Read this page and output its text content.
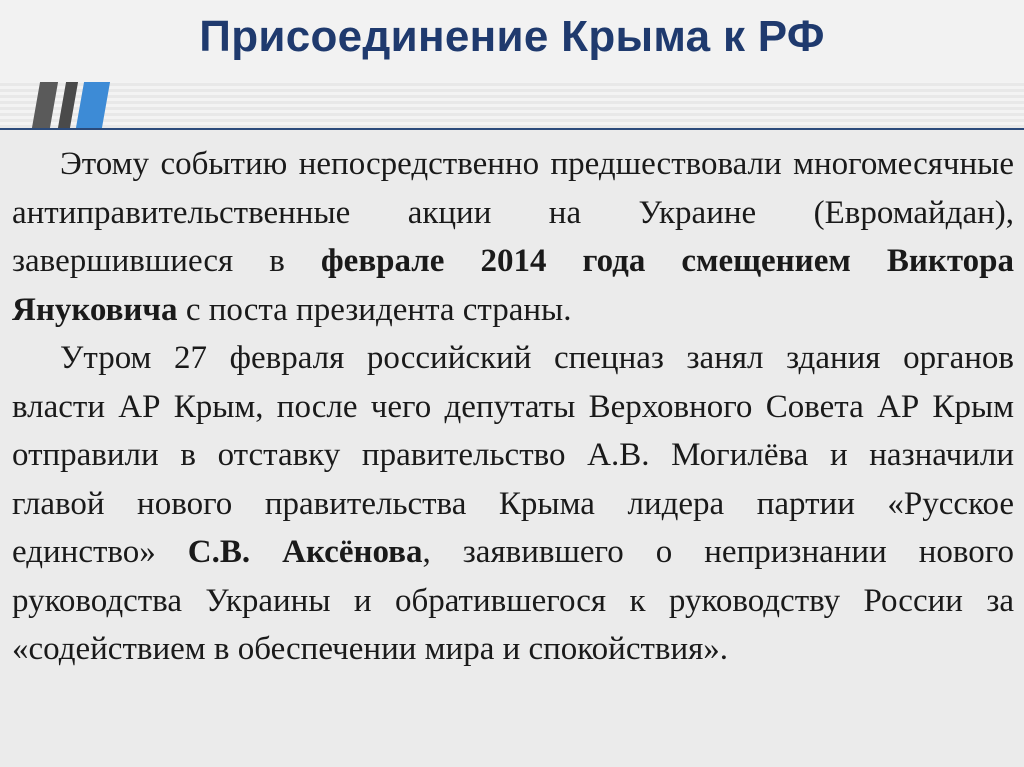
Присоединение Крыма к РФ

Этому событию непосредственно предшествовали многомесячные антиправительственные акции на Украине (Евромайдан), завершившиеся в феврале 2014 года смещением Виктора Януковича с поста президента страны.

Утром 27 февраля российский спецназ занял здания органов власти АР Крым, после чего депутаты Верховного Совета АР Крым отправили в отставку правительство А.В. Могилёва и назначили главой нового правительства Крыма лидера партии «Русское единство» С.В. Аксёнова, заявившего о непризнании нового руководства Украины и обратившегося к руководству России за «содействием в обеспечении мира и спокойствия».
